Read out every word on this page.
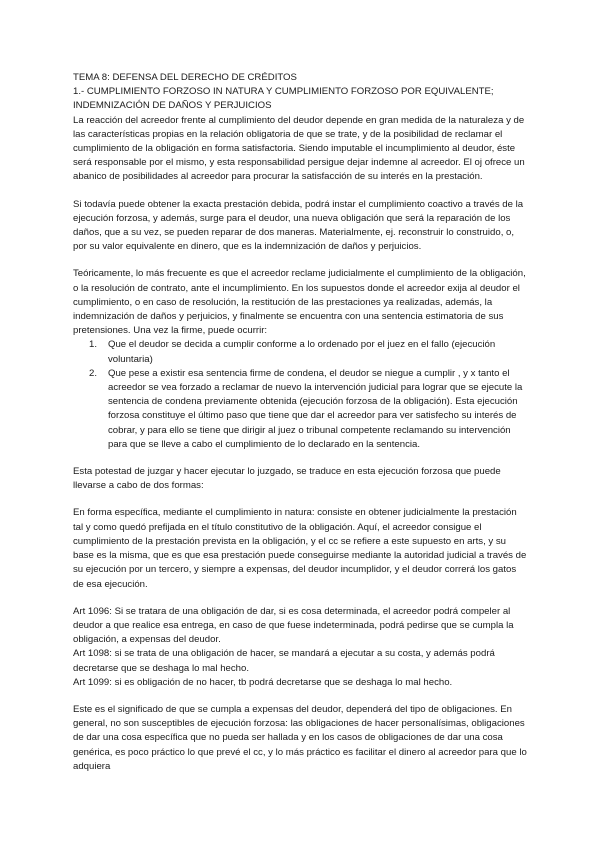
TEMA 8: DEFENSA DEL DERECHO DE CRÉDITOS

1.- CUMPLIMIENTO FORZOSO IN NATURA Y CUMPLIMIENTO FORZOSO POR EQUIVALENTE; INDEMNIZACIÓN DE DAÑOS Y PERJUICIOS

La reacción del acreedor frente al cumplimiento del deudor depende en gran medida de la naturaleza y de las características propias en la relación obligatoria de que se trate, y de la posibilidad de reclamar el cumplimiento de la obligación en forma satisfactoria. Siendo imputable el incumplimiento al deudor, éste será responsable por el mismo, y esta responsabilidad persigue dejar indemne al acreedor. El oj ofrece un abanico de posibilidades al acreedor para procurar la satisfacción de su interés en la prestación.

Si todavía puede obtener la exacta prestación debida, podrá instar el cumplimiento coactivo a través de la ejecución forzosa, y además, surge para el deudor, una nueva obligación que será la reparación de los daños, que a su vez, se pueden reparar de dos maneras. Materialmente, ej. reconstruir lo construido, o, por su valor equivalente en dinero, que es la indemnización de daños y perjuicios.

Teóricamente, lo más frecuente es que el acreedor reclame judicialmente el cumplimiento de la obligación, o la resolución de contrato, ante el incumplimiento. En los supuestos donde el acreedor exija al deudor el cumplimiento, o en caso de resolución, la restitución de las prestaciones ya realizadas, además, la indemnización de daños y perjuicios, y finalmente se encuentra con una sentencia estimatoria de sus pretensiones. Una vez la firme, puede ocurrir:

1. Que el deudor se decida a cumplir conforme a lo ordenado por el juez en el fallo (ejecución voluntaria)
2. Que pese a existir esa sentencia firme de condena, el deudor se niegue a cumplir , y x tanto el acreedor se vea forzado a reclamar de nuevo la intervención judicial para lograr que se ejecute la sentencia de condena previamente obtenida (ejecución forzosa de la obligación). Esta ejecución forzosa constituye el último paso que tiene que dar el acreedor para ver satisfecho su interés de cobrar, y para ello se tiene que dirigir al juez o tribunal competente reclamando su intervención para que se lleve a cabo el cumplimiento de lo declarado en la sentencia.

Esta potestad de juzgar y hacer ejecutar lo juzgado, se traduce en esta ejecución forzosa que puede llevarse a cabo de dos formas:

En forma específica, mediante el cumplimiento in natura: consiste en obtener judicialmente la prestación tal y como quedó prefijada en el título constitutivo de la obligación. Aquí, el acreedor consigue el cumplimiento de la prestación prevista en la obligación, y el cc se refiere a este supuesto en arts, y su base es la misma, que es que esa prestación puede conseguirse mediante la autoridad judicial a través de su ejecución por un tercero, y siempre a expensas, del deudor incumplidor, y el deudor correrá los gatos de esa ejecución.

Art 1096: Si se tratara de una obligación de dar, si es cosa determinada, el acreedor podrá compeler al deudor a que realice esa entrega, en caso de que fuese indeterminada, podrá pedirse que se cumpla la obligación, a expensas del deudor.

Art 1098: si se trata de una obligación de hacer, se mandará a ejecutar a su costa, y además podrá decretarse que se deshaga lo mal hecho.

Art 1099: si es obligación de no hacer, tb podrá decretarse que se deshaga lo mal hecho.

Este es el significado de que se cumpla a expensas del deudor, dependerá del tipo de obligaciones. En general, no son susceptibles de ejecución forzosa: las obligaciones de hacer personalísimas, obligaciones de dar una cosa específica que no pueda ser hallada y en los casos de obligaciones de dar una cosa genérica, es poco práctico lo que prevé el cc, y lo más práctico es facilitar el dinero al acreedor para que lo adquiera
